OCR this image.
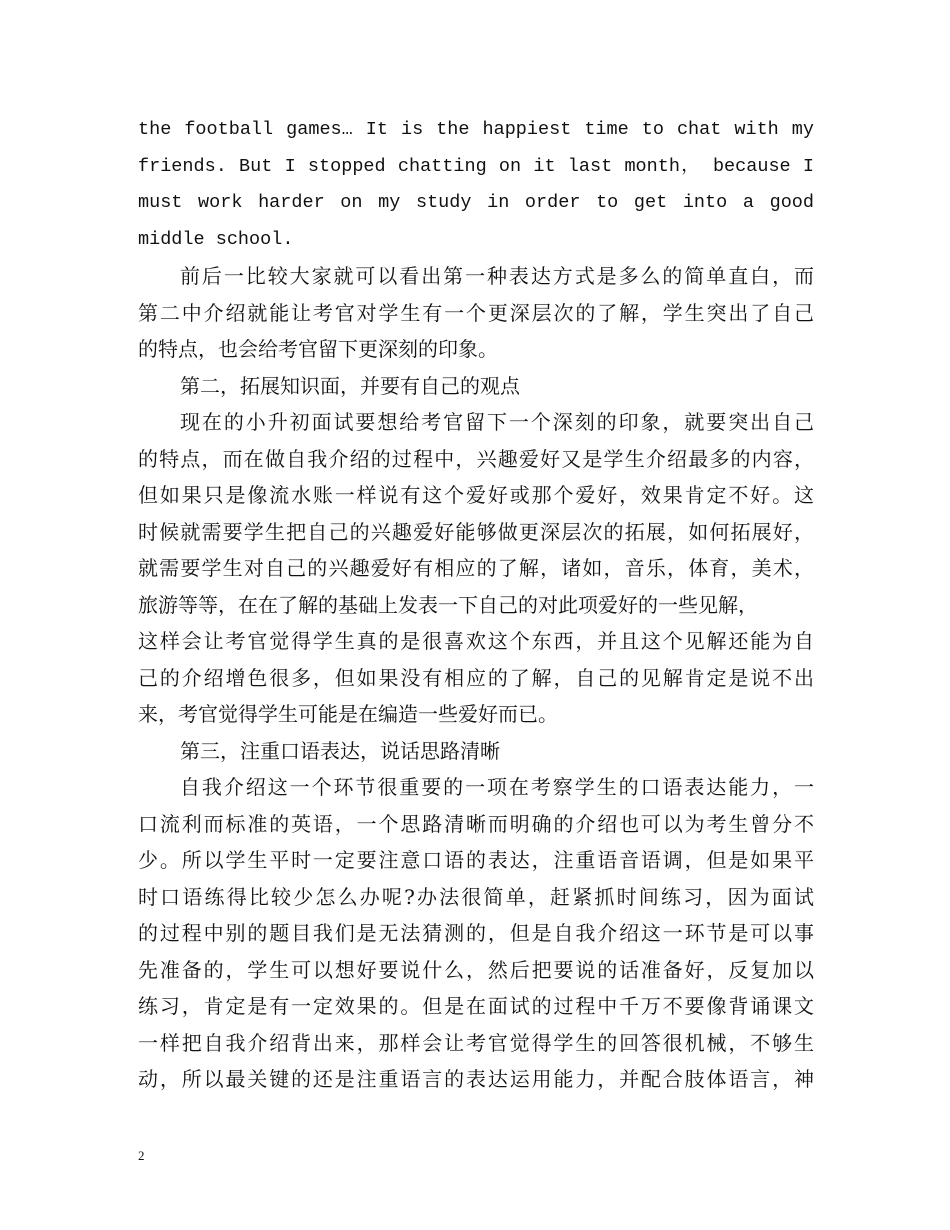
the football games… It is the happiest time to chat with my
friends. But I stopped chatting on it last month， because I
must work harder on my study in order to get into a good
middle school.
前后一比较大家就可以看出第一种表达方式是多么的简单直白，而
第二中介绍就能让考官对学生有一个更深层次的了解，学生突出了自己
的特点，也会给考官留下更深刻的印象。
第二，拓展知识面，并要有自己的观点
现在的小升初面试要想给考官留下一个深刻的印象，就要突出自己
的特点，而在做自我介绍的过程中，兴趣爱好又是学生介绍最多的内容，
但如果只是像流水账一样说有这个爱好或那个爱好，效果肯定不好。这
时候就需要学生把自己的兴趣爱好能够做更深层次的拓展，如何拓展好，
就需要学生对自己的兴趣爱好有相应的了解，诸如，音乐，体育，美术，
旅游等等，在在了解的基础上发表一下自己的对此项爱好的一些见解，
这样会让考官觉得学生真的是很喜欢这个东西，并且这个见解还能为自
己的介绍增色很多，但如果没有相应的了解，自己的见解肯定是说不出
来，考官觉得学生可能是在编造一些爱好而已。
第三，注重口语表达，说话思路清晰
自我介绍这一个环节很重要的一项在考察学生的口语表达能力，一
口流利而标准的英语，一个思路清晰而明确的介绍也可以为考生曾分不
少。所以学生平时一定要注意口语的表达，注重语音语调，但是如果平
时口语练得比较少怎么办呢?办法很简单，赶紧抓时间练习，因为面试
的过程中别的题目我们是无法猜测的，但是自我介绍这一环节是可以事
先准备的，学生可以想好要说什么，然后把要说的话准备好，反复加以
练习，肯定是有一定效果的。但是在面试的过程中千万不要像背诵课文
一样把自我介绍背出来，那样会让考官觉得学生的回答很机械，不够生
动，所以最关键的还是注重语言的表达运用能力，并配合肢体语言，神
2
